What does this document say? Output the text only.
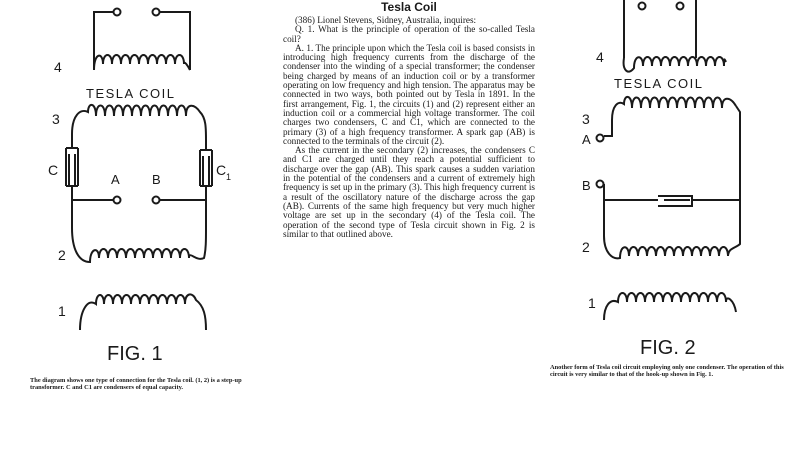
4
TESLA COIL
3
C	C 1
A B
2
1
FIG. 1
The diagram shows one type of connection for the Tesla coil. (1, 2) is a step-up transformer. C and C1 are condensers of equal capacity.
Tesla Coil

(386) Lionel Stevens, Sidney, Australia, inquires:

Q. 1. What is the principle of operation of the so-called Tesla coil?

A. 1. The principle upon which the Tesla coil is based consists in introducing high frequency currents from the discharge of the condenser into the winding of a special transformer; the condenser being charged by means of an induction coil or by a transformer operating on low frequency and high tension. The apparatus may be connected in two ways, both pointed out by Tesla in 1891. In the first arrangement, Fig. 1, the circuits (1) and (2) represent either an induction coil or a commercial high voltage transformer. The coil charges two condensers, C and C1, which are connected to the primary (3) of a high frequency transformer. A spark gap (AB) is connected to the terminals of the circuit (2).

As the current in the secondary (2) increases, the condensers C and C1 are charged until they reach a potential sufficient to discharge over the gap (AB). This spark causes a sudden variation in the potential of the condensers and a current of extremely high frequency is set up in the primary (3). This high frequency current is a result of the oscillatory nature of the discharge across the gap (AB). Currents of the same high frequency but very much higher voltage are set up in the secondary (4) of the Tesla coil. The operation of the second type of Tesla circuit shown in Fig. 2 is similar to that outlined above.

4
TESLA COIL
3
A
B
2
1
FIG. 2
Another form of Tesla coil circuit employing only one condenser. The operation of this circuit is very similar to that of the hook-up shown in Fig. 1.
